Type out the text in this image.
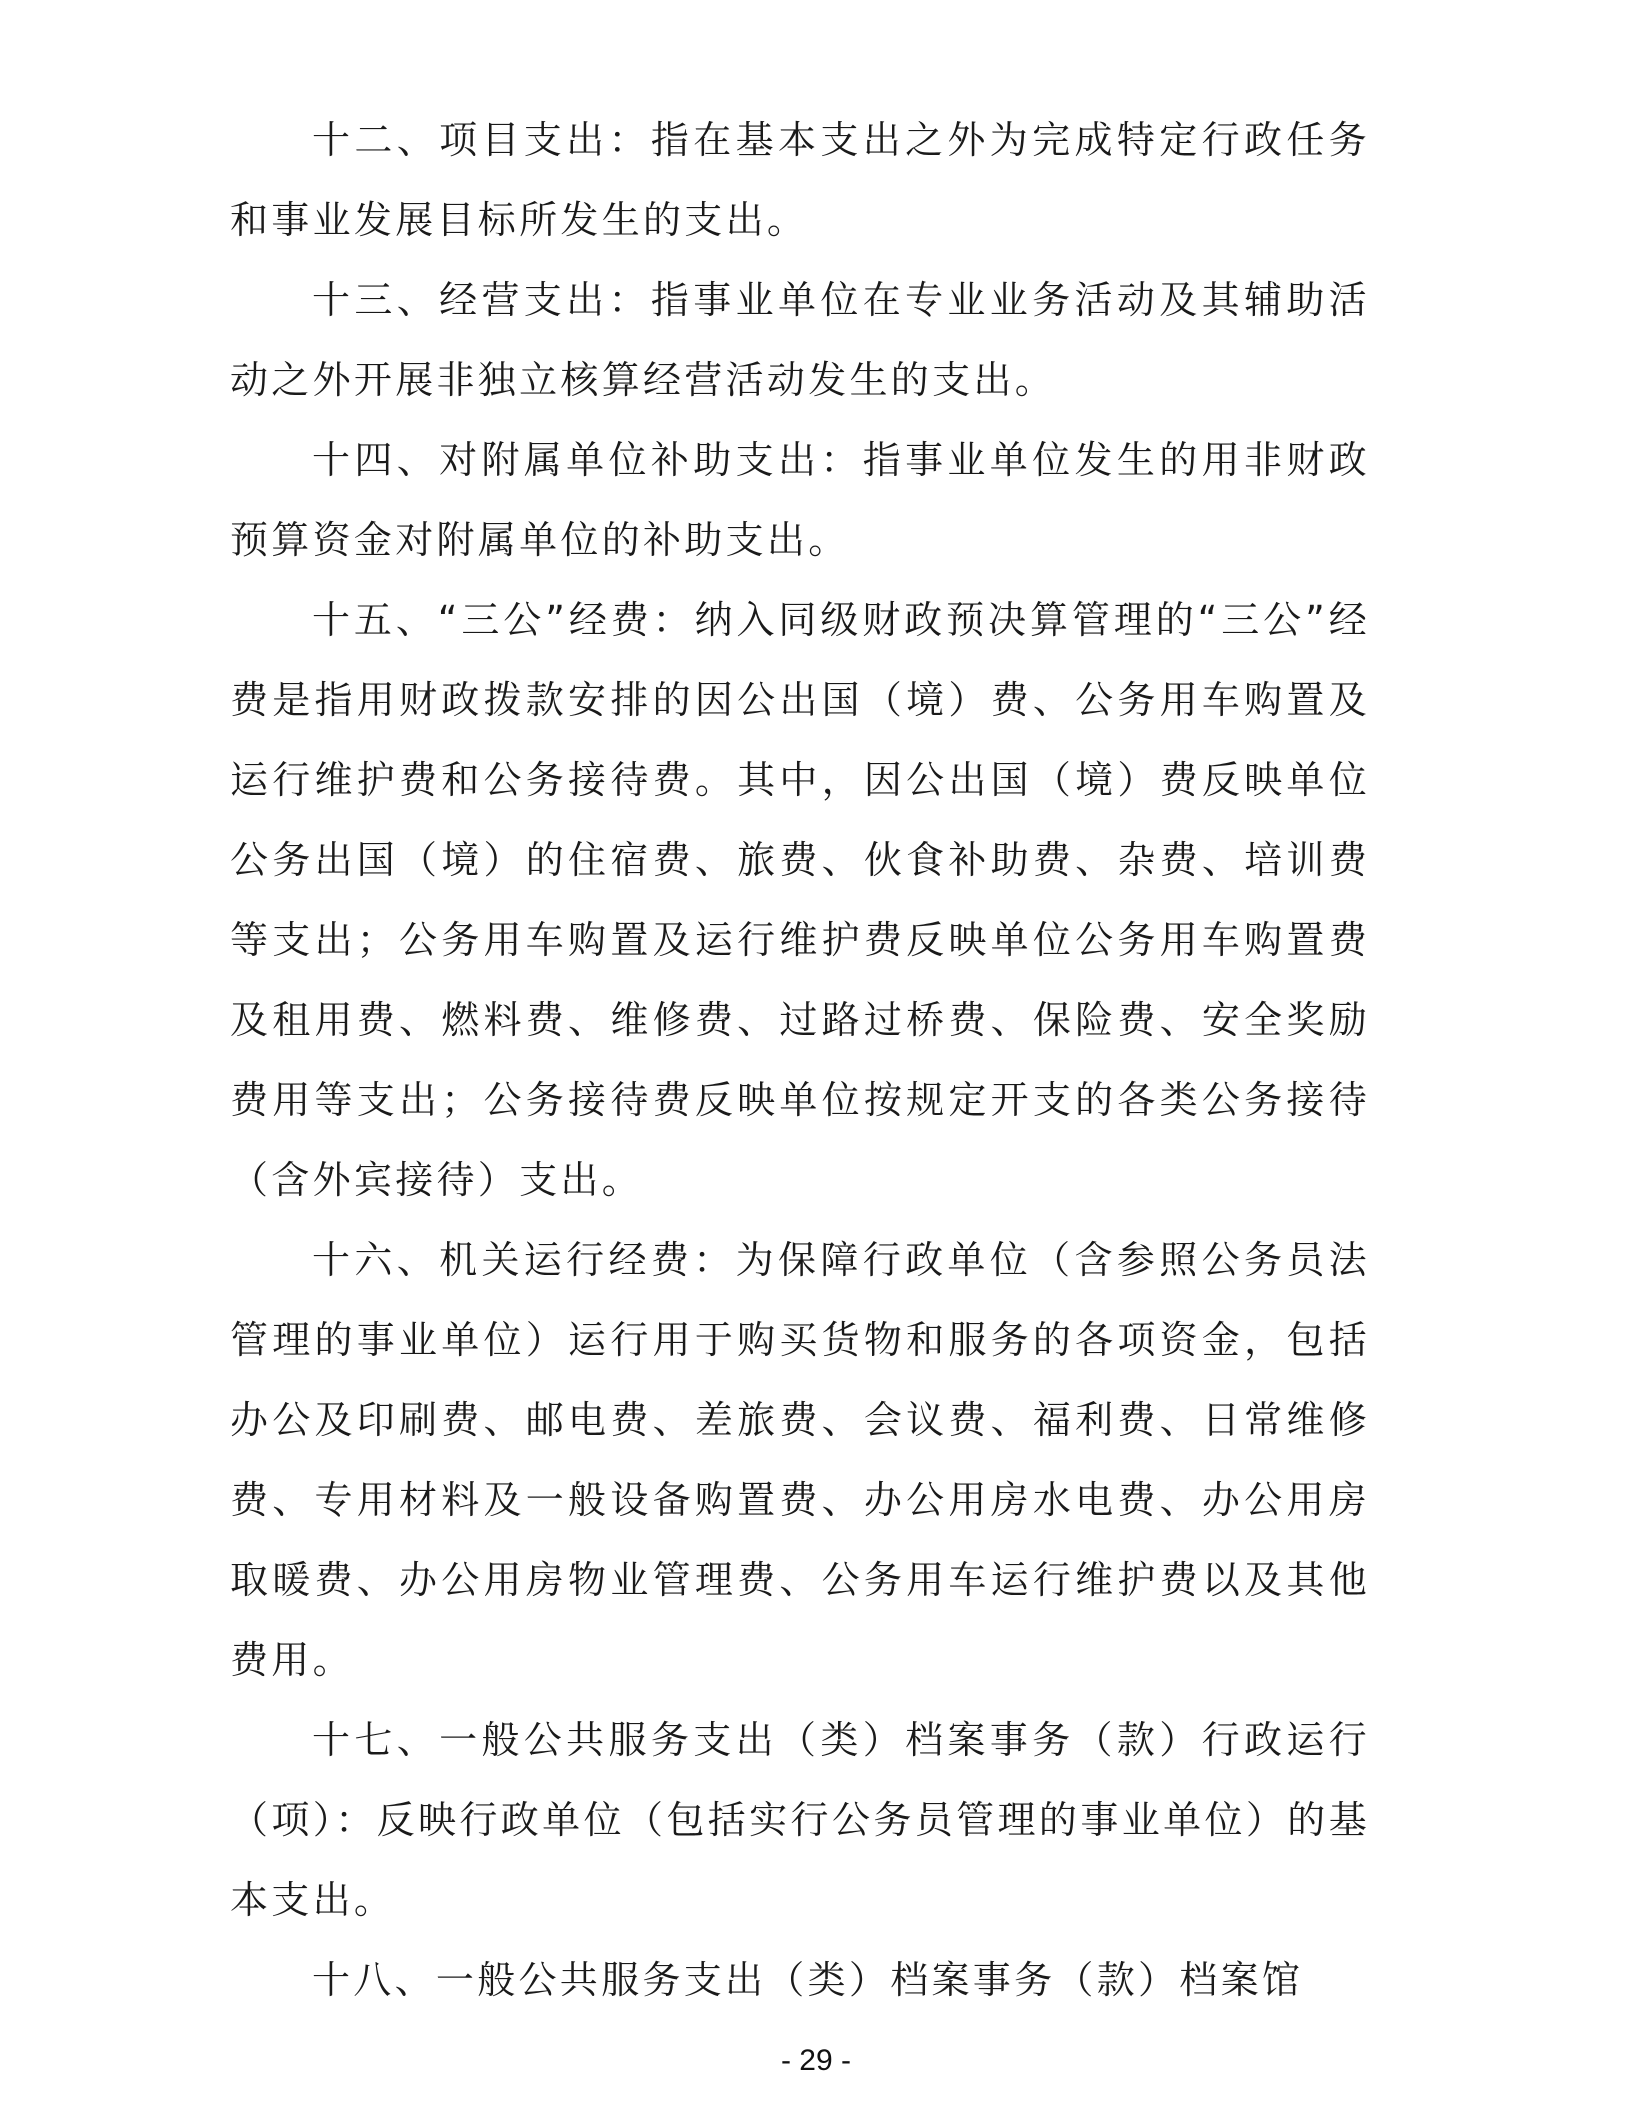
十二、项目支出：指在基本支出之外为完成特定行政任务和事业发展目标所发生的支出。

十三、经营支出：指事业单位在专业业务活动及其辅助活动之外开展非独立核算经营活动发生的支出。

十四、对附属单位补助支出：指事业单位发生的用非财政预算资金对附属单位的补助支出。

十五、“三公”经费：纳入同级财政预决算管理的“三公”经费是指用财政拨款安排的因公出国（境）费、公务用车购置及运行维护费和公务接待费。其中，因公出国（境）费反映单位公务出国（境）的住宿费、旅费、伙食补助费、杂费、培训费等支出；公务用车购置及运行维护费反映单位公务用车购置费及租用费、燃料费、维修费、过路过桥费、保险费、安全奖励费用等支出；公务接待费反映单位按规定开支的各类公务接待（含外宾接待）支出。

十六、机关运行经费：为保障行政单位（含参照公务员法管理的事业单位）运行用于购买货物和服务的各项资金，包括办公及印刷费、邮电费、差旅费、会议费、福利费、日常维修费、专用材料及一般设备购置费、办公用房水电费、办公用房取暖费、办公用房物业管理费、公务用车运行维护费以及其他费用。

十七、一般公共服务支出（类）档案事务（款）行政运行（项）：反映行政单位（包括实行公务员管理的事业单位）的基本支出。

十八、一般公共服务支出（类）档案事务（款）档案馆

- 29 -
